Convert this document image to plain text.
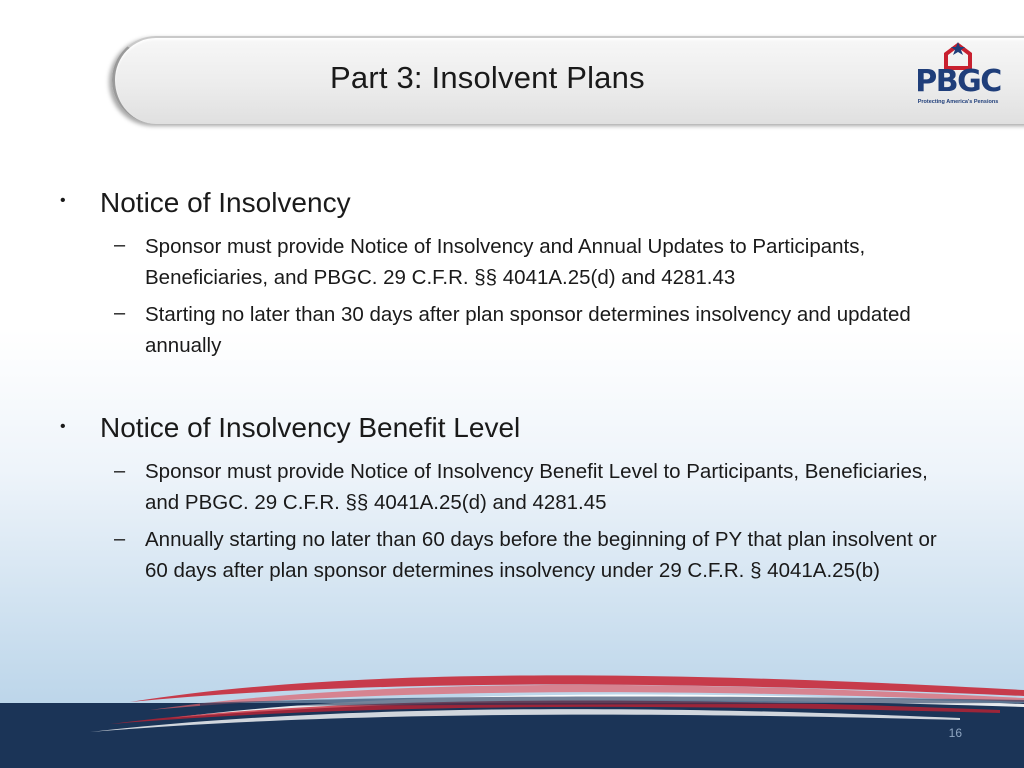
Part 3: Insolvent Plans	PBGC
Protecting America's Pensions
• Notice of Insolvency
– Sponsor must provide Notice of Insolvency and Annual Updates to Participants, Beneficiaries, and PBGC. 29 C.F.R. §§ 4041A.25(d) and 4281.43
– Starting no later than 30 days after plan sponsor determines insolvency and updated annually
• Notice of Insolvency Benefit Level
– Sponsor must provide Notice of Insolvency Benefit Level to Participants, Beneficiaries, and PBGC. 29 C.F.R. §§ 4041A.25(d) and 4281.45
– Annually starting no later than 60 days before the beginning of PY that plan insolvent or 60 days after plan sponsor determines insolvency under 29 C.F.R. § 4041A.25(b)
16
